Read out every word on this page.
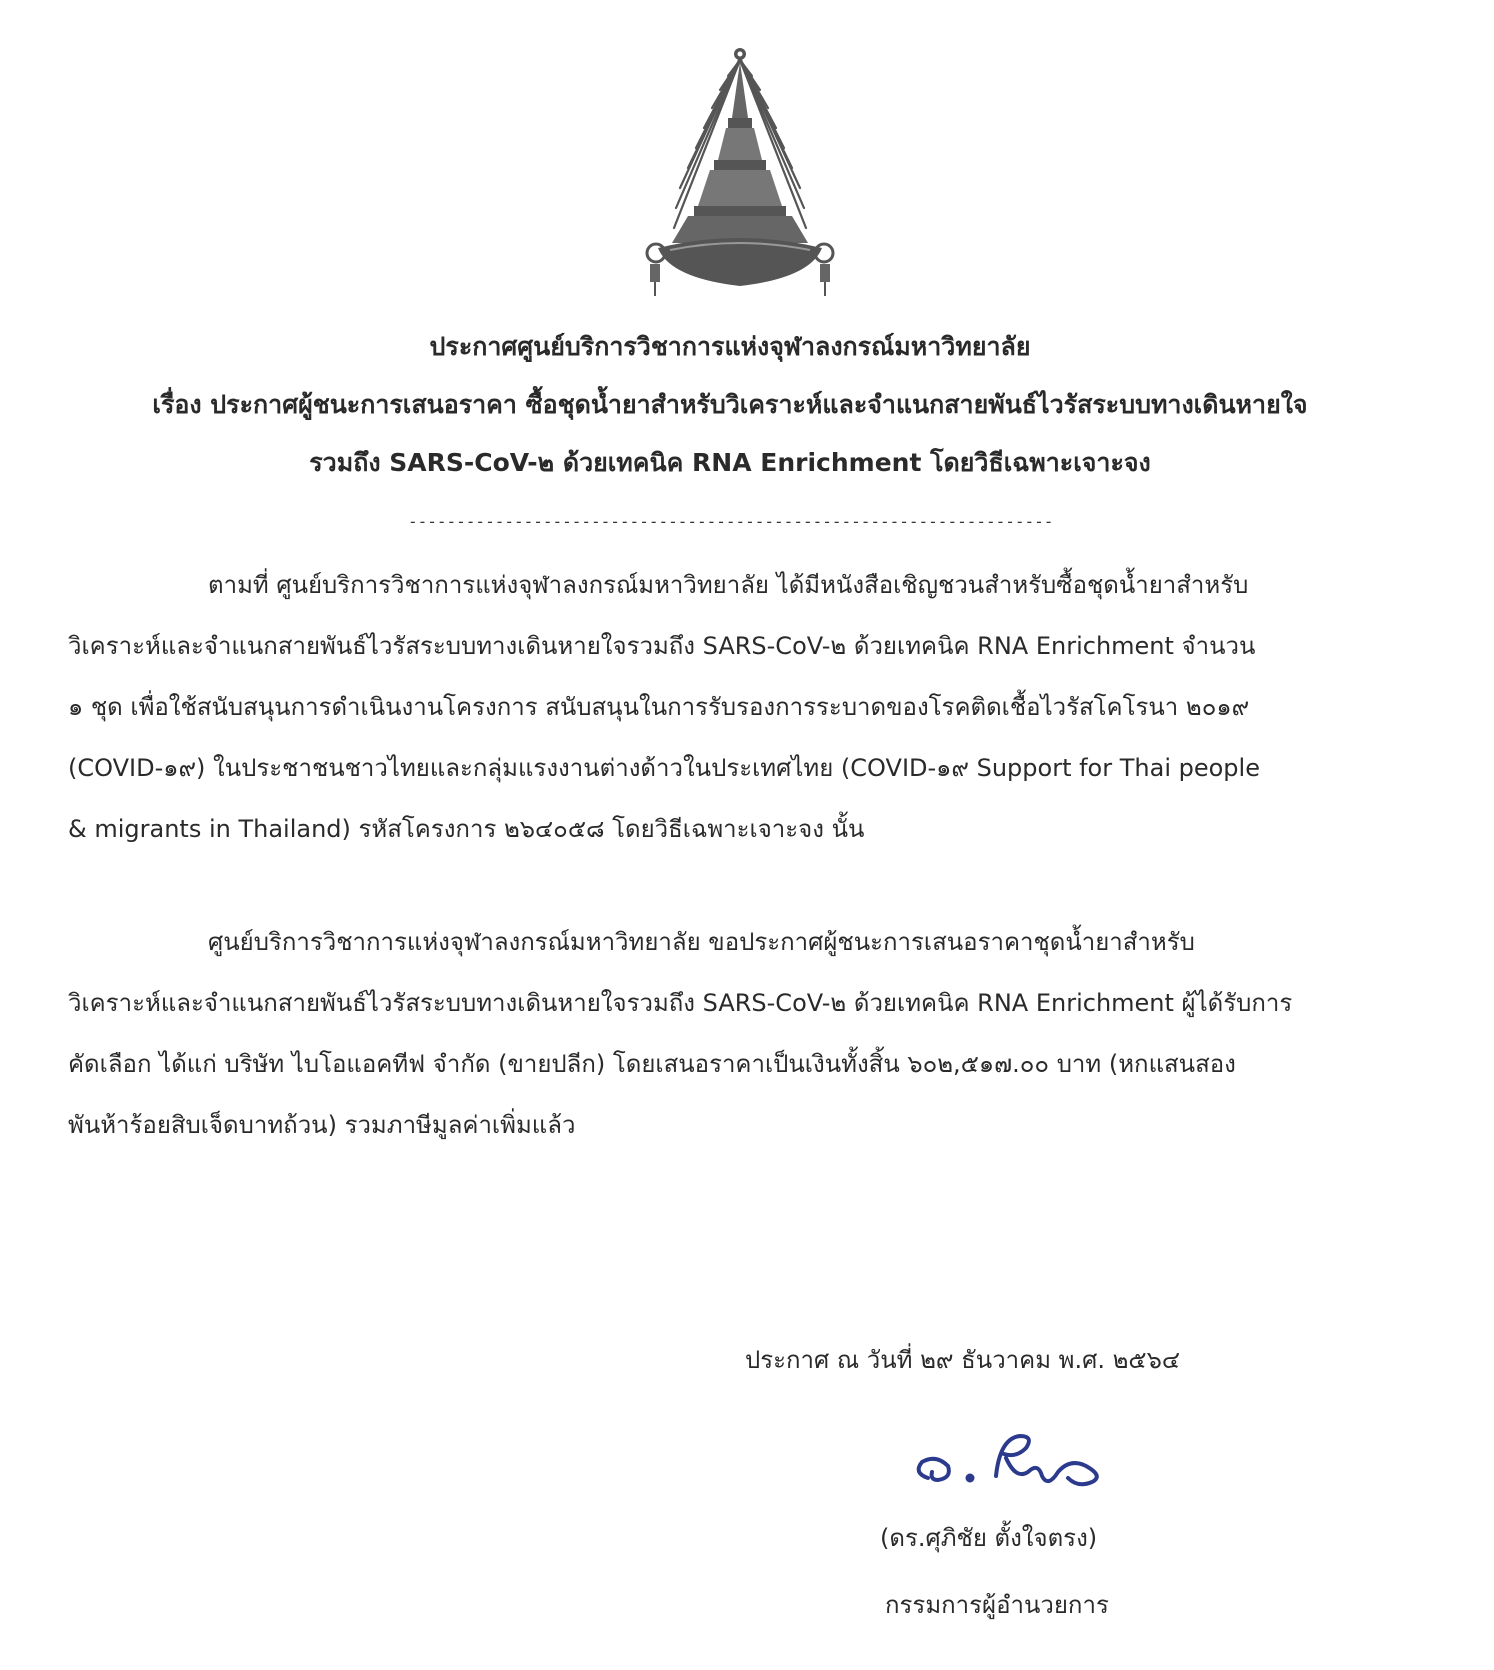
ประกาศศูนย์บริการวิชาการแห่งจุฬาลงกรณ์มหาวิทยาลัย
เรื่อง ประกาศผู้ชนะการเสนอราคา ซื้อชุดน้ำยาสำหรับวิเคราะห์และจำแนกสายพันธ์ไวรัสระบบทางเดินหายใจ
รวมถึง SARS-CoV-๒ ด้วยเทคนิค RNA Enrichment โดยวิธีเฉพาะเจาะจง
-------------------------------------------------------------------
ตามที่ ศูนย์บริการวิชาการแห่งจุฬาลงกรณ์มหาวิทยาลัย ได้มีหนังสือเชิญชวนสำหรับซื้อชุดน้ำยาสำหรับ
วิเคราะห์และจำแนกสายพันธ์ไวรัสระบบทางเดินหายใจรวมถึง SARS-CoV-๒ ด้วยเทคนิค RNA Enrichment จำนวน
๑ ชุด เพื่อใช้สนับสนุนการดำเนินงานโครงการ สนับสนุนในการรับรองการระบาดของโรคติดเชื้อไวรัสโคโรนา ๒๐๑๙
(COVID-๑๙) ในประชาชนชาวไทยและกลุ่มแรงงานต่างด้าวในประเทศไทย (COVID-๑๙ Support for Thai people
& migrants in Thailand) รหัสโครงการ ๒๖๔๐๕๘ โดยวิธีเฉพาะเจาะจง นั้น
ศูนย์บริการวิชาการแห่งจุฬาลงกรณ์มหาวิทยาลัย ขอประกาศผู้ชนะการเสนอราคาชุดน้ำยาสำหรับ
วิเคราะห์และจำแนกสายพันธ์ไวรัสระบบทางเดินหายใจรวมถึง SARS-CoV-๒ ด้วยเทคนิค RNA Enrichment ผู้ได้รับการ
คัดเลือก ได้แก่ บริษัท ไบโอแอคทีฟ จำกัด (ขายปลีก) โดยเสนอราคาเป็นเงินทั้งสิ้น ๖๐๒,๕๑๗.๐๐ บาท (หกแสนสอง
พันห้าร้อยสิบเจ็ดบาทถ้วน) รวมภาษีมูลค่าเพิ่มแล้ว
ประกาศ ณ วันที่ ๒๙ ธันวาคม พ.ศ. ๒๕๖๔
(ดร.ศุภิชัย ตั้งใจตรง)
กรรมการผู้อำนวยการ
